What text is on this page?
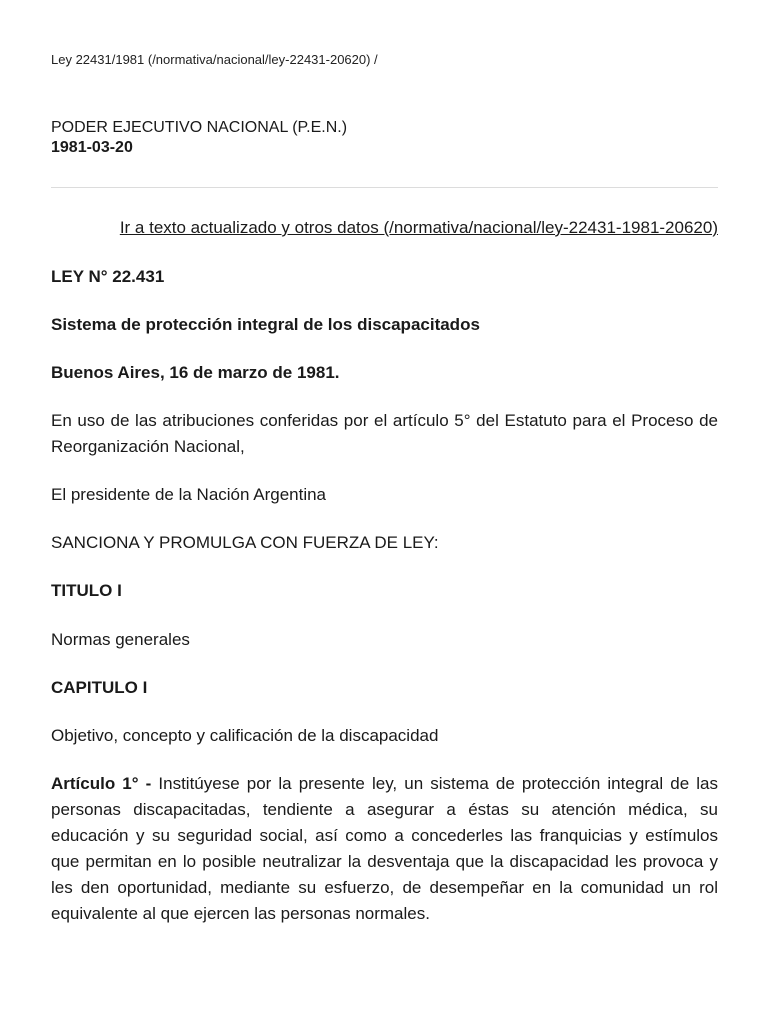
Ley 22431/1981 (/normativa/nacional/ley-22431-20620) /
PODER EJECUTIVO NACIONAL (P.E.N.)
1981-03-20
Ir a texto actualizado y otros datos (/normativa/nacional/ley-22431-1981-20620)

LEY N° 22.431

Sistema de protección integral de los discapacitados

Buenos Aires, 16 de marzo de 1981.

En uso de las atribuciones conferidas por el artículo 5° del Estatuto para el Proceso de Reorganización Nacional,

El presidente de la Nación Argentina

SANCIONA Y PROMULGA CON FUERZA DE LEY:

TITULO I

Normas generales

CAPITULO I

Objetivo, concepto y calificación de la discapacidad

Artículo 1° - Institúyese por la presente ley, un sistema de protección integral de las personas discapacitadas, tendiente a asegurar a éstas su atención médica, su educación y su seguridad social, así como a concederles las franquicias y estímulos que permitan en lo posible neutralizar la desventaja que la discapacidad les provoca y les den oportunidad, mediante su esfuerzo, de desempeñar en la comunidad un rol equivalente al que ejercen las personas normales.
